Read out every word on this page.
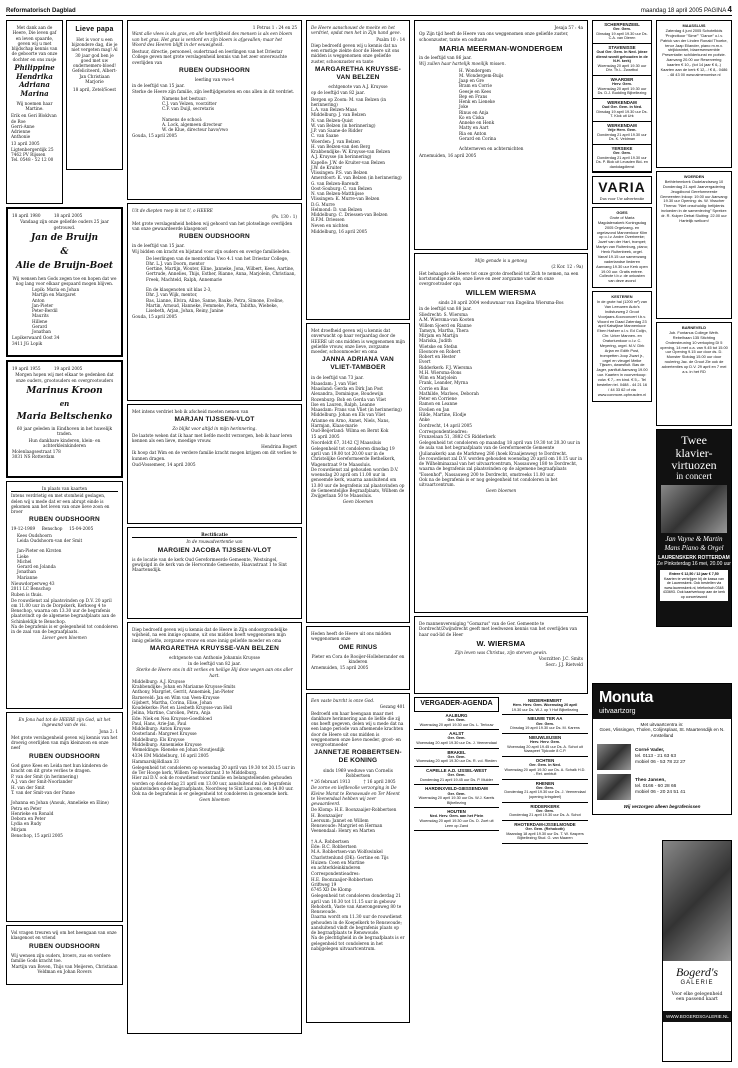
Reformatorisch Dagblad	maandag 18 april 2005 PAGINA 4

Met dank aan de Heere, Die leven gaf en leven spaarde, geven wij u met blijdschap kennis van de geboorte van onze dochter en ons zusje

Philippine
Hendrika
Adriana Marina

Wij noemen haar Martine.

Erik en Geri Bloklvan de Roe
Gerri-Anne
Adrienne
Anthonie

13 april 2005

Ligtenbergerdijk 25
7462 PV Rijssen
Tel. 0548 - 52 12 00

Lieve papa

Het is voor u een bijzondere dag, die je niet vergeten mag! Al 30 jaar god ben je goed met uw ondernemers-bloed! Gefeliciteerd, Albert-Jan Christiaan Marjorie

18 april, Zetel/Soest

18 april 1980          18 april 2005

Vandaag zijn onze geliefde ouders 25 jaar getrouwd.

Jan de Bruijn
&
Alie de Bruijn-Boet

Wij wensen hen Gods zegen toe en hopen dat we nog lang voor elkaar gespaard mogen blijven.

Lopik: Maria en Johan
Martijn en Margaret
Anton
Jan-Pieter
Peter-Berdil
Maurits
Hillene
Gerard
Jonathan

Lopikerwaard Oost 34
3411 JG Lopik

19 april 1955          19 april 2005

Morgen hopen wij met elkaar te gedenken dat onze ouders, grootouders en overgrootouders

Marinus Kroon
en
Maria Beltschenko

60 jaar geleden in Eindhoven in het huwelijk traden.

Hun dankbare kinderen, klein- en achterkleinkinderen

Molenlaagsestraat 178
3031 NS Rotterdam

In plaats van kaarten

Intens verdrietig en met stomheid geslagen, delen wij u mede dat er een abrupt einde is gekomen aan het leven van onze lieve zoon en broer

RUBEN OUDSHOORN

19-12-1989     Benschop     15-04-2005

Kees Oudshoorn
Leida Oudshoorn-van der Smit

Jan-Pieter en Kirsten
Lieke
Michel
Gerard en Jolanda
Jonathan
Marianne

Nieuwdorperweg 43
2011 LC Benschop

Ruben is thuis.
De rouwdienst zal plaatsvinden op D.V. 20 april om 11.00 uur in de Dorpskerk, Kerkweg 4 te Benschop, waarna om 13.30 uur de begrafenis plaatsvindt op de algemene begraafplaats aan de Schinkeldijk te Benschop.
Na de begrafenis is er gelegenheid tot condoleren in de zaal van de begraafplaats.

Liever geen bloemen

En Jona had tot de HEERE zijn God, uit het ingewand van de vis.

Jona 2: 1

Met grote verslagenheid geven wij kennis van het droevig overlijden van mijn kleinzoon en onze neef

RUBEN OUDSHOORN

God gave Kees en Leida met hun kinderen de kracht om dit grote verlies te dragen.

P. van der Smit (in herinnering)
A.J. van der Smit-Noorlander
H. van der Smit
T. van der Smit-van der Panne

Johanna en Johan (Anouk, Annelieke en Eline)
Petra en Peter
Henrieke en Ronald
Debora en Peter
Lydia en Rudy
Mirjam

Benschop, 15 april 2005

Vol vragen treuren wij om het heengaan van onze klasgenoot en vriend

RUBEN OUDSHOORN

Wij wensen zijn ouders, broers, zus en verdere familie Gods kracht toe.

Martijn van Boven, Thijs van Meijeren, Christiaan Veldman en Johan Rovers

1 Petrus 1 : 24 en 25

Want alle vlees is als gras, en alle heerlijkheid des mensen is als een bloem van het gras. Het gras is verdord en zijn bloem is afgevallen; maar het Woord des Heeren blijft in der eeuwigheid.

Bestuur, directie, personeel, oudertraad en leerlingen van het Driestar College geven met grote verslagenheid kennis van het zeer onverwachte overlijden van

RUBEN OUDSHOORN

leerling van vwo-4

in de leeftijd van 15 jaar.

Sterke de Heere zijn familie, zijn leeftijdgenoten en ons allen in dit verdriet.

Namens het bestuur:
C.J. van Velzen, voorzitter
C.F. van Duijl, secretaris

Namens de school:
A. Lock, algemeen directeur
W. de Klue, directeur havo/vwo

Gouda, 15 april 2005

Uit de diepten roep ik tot U, o HEERE

(Ps. 130 : 1)

Met grote verslagenheid hebben wij gehoord van het plotselinge overlijden van onze gewaardeerde klasgenoot

RUBEN OUDSHOORN

in de leeftijd van 15 jaar.

Wij bidden om kracht en bijstand voor zijn ouders en overige familieleden.

De leerlingen van de mentorklas Vwo 4.1 van het Driestar College,
Dhr. L.J. van Doorn, mentor
Gertine, Martijn, Wouter, Eline, Janneke, Jona, Wilbert, Kees, Aartine, Gertrude, Annelies, Thijs, Esther, Rianne, Anna, Marjolein, Christiaan, Freek, Machteld, Ralph, Annemarie

En de klasgenoten uit klas 2-3,
Dhr. J. van Wijk, mentor,
Bas, Lianne, Elvira, Aline, Sanne, Bauke, Petra, Simone, Eveline, Martin, Arnoud, Hanneke, Femmeke, Pieta, Tabitha, Wiebeke, Lisebeth, Arjan, Johan, Reiny, Janine

Gouda, 15 april 2005

Met intens verdriet heb ik afscheid moeten nemen van

MARJAN TIJSSEN-VLOT

Zo blijkt voor altijd in mijn herinnering.

De laatste weken dat ik haar met liefde mocht verzorgen, heb ik haar leren kennen als een lieve, moedige vrouw.

Hendrina Bogert

Ik hoop dat Wim en de verdere familie kracht mogen krijgen om dit verlies te kunnen dragen.

Oud-Vossemeer, 14 april 2005

Rectificatie

In de rouwadvertentie van

MARGIEN JACOBA TIJSSEN-VLOT

is de locatie van de kerk Oud Gereformeerde Gemeente, Westsingel, gewijzigd in de kerk van de Hervormde Gemeente, Haavastraat 1 te Sint Maartensdijk.

Diep bedroefd geven wij u kennis dat de Heere in Zijn ondoorgrondelijke wijsheid, na een innige opname, uit ons midden heeft weggenomen mijn innig geliefde, zorgzame vrouw en onze innig geliefde moeder en oma

MARGARETHA KRUYSSE-VAN BELZEN

echtgenote van Anthonie Johannis Kruysse

in de leeftijd van 82 jaar.

Sterke de Heere ons in dit verlies en heilige Hij deze wegen aan ons aller hart.

Middelburg: A.J. Kruysse
Krabbendijke: Johan en Marianne Kruysse-Smits
Anthony, Margriet, Gerrit, Annemiek, Jan-Pieter
Barneveld: Jan en Wim van Veen-Kruysse
Gijsbert, Martha, Corina, Elise, Johan
Koudekerke: Piet en Liesbeth Kruysse-van Hell
Jelina, Martine, Carolien, Petra, Anja
Ede: Niek en Nea Kruysse-Goedbloed
Paul, Hans, Arie-Jan, Paul
Middelburg: Anton Kruysse
Oosterland: Margreet Kruysse
Middelburg: Els Kruysse
Middelburg: Annemieke Kruysse
Wemeldinge: Rieneke en Johan Stoutjesdijk

4334 EM Middelburg, 16 april 2005
Hammarskjöldlaan 33

Gelegenheid tot condoleren op woensdag 20 april van 19.30 tot 20.15 uur in de Ter Hooge kerk, Willem Teelinckstraat 3 te Middelburg.
Hier zal D.V. ook de rouwdienst voor familie en belangstellenden gehouden worden op donderdag 21 april om 13.00 uur, aansluitend zal de begrafenis plaatsvinden op de begraafplaats, Noordweg te Sint Laurens, om 14.00 uur.
Ook na de begrafenis is er gelegenheid tot condoleren in genoemde kerk.

Geen bloemen

De Heere aanschouwt de moeite en het verdriet, opdat men het in Zijn hand geve.

Psalm 10 : 14

Diep bedroefd geven wij u kennis dat na een ernstige ziekte door de Heere uit ons midden is weggenomen onze geliefde zuster, schoonzuster en tante

MARGARETHA KRUYSSE-VAN BELZEN

echtgenote van A.J. Kruysse

op de leeftijd van 82 jaar.

Bergen op Zoom: M. van Belzen (in herinnering)
L.A. van Belzen-Maas
Middelburg: J. van Belzen
N. van Belzen-Quist
W. van Belzen (in herinnering)
J.P. van Saane-de Ridder
C. van Saane
Woerden: J. van Belzen
H. van Belzen-van den Berg
Krabbendijke: W. Kruysse-van Belzen
A.J. Kruysse (in herinnering)
Kapelle: J.W. de Kruiter-van Belzen
J.W. de Kruiter
Vlissingen: P.S. van Belzen
Amersfoort: K. van Belzen (in herinnering)
G. van Belzen-Barendt
Oost-Souburg: C. van Belzen
N. van Belzen-Matthijsse
Vlissingen: K. Murre-van Belzen
D.G. Murre
Helmond: D. van Belzen
Middelburg: C. Driessen-van Belzen
B.F.M. Driessen
Neven en nichten

Middelburg, 16 april 2005

Met droefheid geven wij u kennis dat onverwacht op haar verjaardag door de HEERE uit ons midden is weggenomen mijn geliefde vrouw, onze lieve, zorgzame moeder, schoonmoeder en oma

JANNA ADRIANA VAN VLIET-TAMBOER

in de leeftijd van 73 jaar.

Maasdam: J. van Vliet
Maasland: Gerda en Dirk Jan Post
Alexandra, Dominique, Boudewijn
Rozenburg: Bob en Gerda van Vliet
Ilse en Lauren, Ralph, Leanne
Maasdam: Frans van Vliet (in herinnering)
Middelburg: Johan en Els van Vliet
Arianne en Arno, Annet, Niels, Nans, Harmjan, Klaas-marie
Oud-Beijerland: Wilma en Bernt Kok

15 april 2005
Noordeldt 67, 3142 CJ Maassluis

Gelegenheid tot condoleren dinsdag 19 april van 19.00 tot 20.00 uur in de Christelijke Gereformeerde Bethelkerk, Wagenstraat 9 te Maassluis.
De rouwdienst zal gehouden worden D.V. woensdag 20 april om 11.00 uur in genoemde kerk, waarna aansluitend om 13.00 uur de begrafenis zal plaatsvinden op de Gemeentelijke Begraafplaats, Wilhem de Zwijgerlaan 50 te Maassluis.

Geen bloemen

Heden heeft de Heere uit ons midden weggenomen onze

OME RINUS

Pieter en Cora de Rooijer-Holleberander en kinderen

Arnemuiden, 15 april 2005

Een vaste burcht is onze God.

Gezang 401

Bedroefd om haar heengaan maar met dankbare herinnering aan de liefde die zij ons heeft gegeven, delen wij u mede dat na een lange periode van afnemende krachten door de Heere uit ons midden is weggenomen onze lieve moeder, groot- en overgrootmoeder

JANNETJE ROBBERTSEN-DE KONING

sinds 1969 weduwe van Cornelis Robbertsen

* 26 februari 1913          † 16 april 2005

De zorne en liefdevolle verzorging in De Kleine Marat te Renswoude en Ter Meent te Veenendaal hebben wij zeer gewaardeerd.

De Klomp: H.E. Boonzaaijer-Robbertsen
H. Boonzaaijer
Leersum: Jannet en Willem
Renswoude: Margriet en Herman
Veenendaal: Henry en Marten

† A.A. Robbertsen
Ede: B.C. Robbertsen
M.A. Robbertsen-van Wolfswinkel
Charlottenlund (DK): Gertine en Tijs
Huizen: Coen en Martine
en achterkleinkinderen

Correspondentieadres:
H.E. Boonzaaijer-Robbertsen
Griftweg 19
6745 XD De Klomp

Gelegenheid tot condoleren donderdag 21 april van 10.30 tot 11.15 uur in gebouw Rehoboth, Vaste van Amerongenweg 80 te Renswoude.
Daarna wordt om 11.30 uur de rouwdienst gehouden in de Koepelkerk te Renswoude; aansluitend vindt de begrafenis plaats op de begraafplaats te Renswoude.
Na de plechtigheid in de begraafplaats is er gelegenheid tot condoleren in het nabijgelegen uitvaartcentrum.

Jesaja 57 : 4a

Op Zijn tijd heeft de Heere van ons weggenomen onze geliefde zuster, schoonzuster, tante en oudtante

MARIA MEERMAN-WONDERGEM

in de leeftijd van 86 jaar.

Wij zullen haar hartelijk moeilijk missen.

H. Wondergem
M. Wondergem-Buijs
Jaap en Gre
Bram en Corrie
Geesje en Kees
Bep en Frans
Henk en Lieneke
Joke
Rinus en Anja
Ko en Ciska
Anneke en Henk
Matty en Aart
Ria en Anton
Gerard en Corina

Achterneven en achternichten

Arnemuiden, 16 april 2005

Mijn genade is u genoeg

(2 Kor. 12 : 9a)

Het behaagde de Heere tot onze grote droefheid tot Zich te nemen, na een kortstondige ziekte, onze lieve en zeer zorgzame vader en onze overgrootvader opa

WILLEM WIERSMA

sinds 28 april 2004 weduwnaar van Engelina Wiersma-Bos

in de leeftijd van 88 jaar.

Sliedrecht: S. Wiersma
A.M. Wiersma-van Kooten
Willem Sjoerd en Rianne
Tamsyn, Martha, Thera
Mirjam en Martijn
Mariska, Judith
Wietske en Stefan
Eleonore en Robert
Robert en Hester
Evert
Ridderkerk: F.J. Wiersma
M.H. Wiersma-Bons
Wim en Marjolein
Frank, Leander, Myrna
Corrie en Bas
Mathilde, Marloes, Deborah
Peter en Corriene
Ramon en Leanne
Evelien en Jan
Hilde, Martine, Elodje
Anke

Dordrecht, 14 april 2005
Correspondentieadres:
Frunzelaan 51, 3882 CS Ridderkerk

Gelegenheid tot condoleren op maandag 18 april van 19.30 tot 20.30 uur in de aula van het begraafplaats van de Gereformeerde Gemeente (Julianakerk) aan de Marktweg 286 (hoek Kraaijenweg) te Dordrecht.
De rouwdienst zal D.V. worden gehouden woensdag 20 april om 10.15 uur in de Wilhelminazaal van het uitvaartcentrum, Nassauweg 180 te Dordrecht, waarna de begrafenis zal plaatsvinden op de algemene begraafplaats "Essenhof", Nassauweg 200 te Dordrecht, omstreeks 11.00 uur.
Ook na de begrafenis is er nog gelegenheid tot condoleren in het uitvaartcentrum.

Geen bloemen

De mannenvereniging "Gomarus" van de Ger. Gemeente te Dordrecht/Zwijndrecht geeft met leedwezen kennis van het overlijden van haar oud-lid de Heer

W. WIERSMA

Zijn leven was Christus, zijn sterven gewin.

Voorzitter: J.C. Smits
Secr.: J.J. Rietveld

VERGADER-AGENDA
AALBURG
Ger. Gem.
Woensdag 20 april 19.30 uur Ds. L. Terlouw
AALST
Ger. Gem.
Woensdag 20 april 19.30 uur Ds. J. Veenendaal
BRAKEL
Ger. Gem.
Woensdag 20 april 19.30 uur Ds. R. v.d. Rieden
CAPELLE A.D. IJSSEL-WEST
Ger. Gem.
Donderdag 21 april 19.45 uur Ds. P. Mulder
HARDINXVELD-GIESSENDAM
Ger. Gem.
Woensdag 20 april 19.30 uur Ds. W.J. Karels Bijbellezing
HOUTEN
Ned. Herv. Gem. aan het Plein
Woensdag 20 april 19.30 uur Ds. D. Zoet uit Leen op Zand
NEDERHEMERT
Herv. Herv. Gem. Woensdag 20 april
19.30 uur Ds. W.J. op 't Hof Bijbellezing
NIEUWE TER AA
Ger. Gem.
Dinsdag 19 april 19.30 uur Ds. M. Karens
NIEUWLEUSEN
Herv. Herv. Gem.
Woensdag 20 april 19.45 uur Ds. A. Schot uit Naaspeet Tijdcode 8 C.P.
OCHTEN
Ger. Gem. in Ned.
Woensdag 20 april 19.30 uur Ds. A. Schalk H.D. - Ret. ambtuit
RHENEN
Ger. Gem.
Donderdag 21 april 19.30 uur Ds. J. Veenendaal (opening kringdeel)
RIDDERKERK
Ger. Gem.
Donderdag 21 april 19.30 uur Ds. A. Schot
RHOTERDAM-IJSSELMONDE
Ger. Gem. (Rehoboth)
Maandag 18 april 19.30 uur Ds. T. W. Kaspers Bijbellezing Stud. G. van Maaren
SCHERPENZEEL
Ger. Gem.
Dinsdag 19 april 19.30 uur Ds. C.A. van Dieren
STAVENISSE
Oud Ger. Gem. in Ned. (deze dienst wordt gehouden in de N.H. kerk)
Woensdag 20 april 19.30 uur Dhr. Th.L. Zwartbol
WAARDER
Herv. Gem.
Woensdag 20 april 19.30 uur Ds. D.J. Budding Bijbellezing
WERKENDAM
Oud Ger. Gem. in Ned.
Dinsdag 19 april 19.30 uur Ds. T. Klok uit Urk
WERKENDAM
Vrije Herv. Gem.
Donderdag 21 april 19.30 uur Ds. K. Veldman
YERSEKE
Ger. Gem.
Donderdag 21 april 19.30 uur Ds. P. Blok uit Leusden Bid- en dankdagdienst
VARIA
Dus voor Uw advertentie
GOES

Grote of Maria Magdalenakerk Koningsdag 2005 Orgelzang- en orgelavond Mannenkoor Klim op o.l.v. Andre Overbeeke; Jozef van der Hart, trompet; Marlyn van Ruitenburg, piano; Henk Ruitenbeek, orgel. Vanaf 19.15 uur samenzang vaderlandse liederen Aanvang 19.30 uur Kerk open 19.00 uur. Gratis entree. Collecte t.b.v. de onkosten van deze avond

KESTEREN

In de grote hal (1200 m²) van Van Leeuwen Auto's Indisturweg 2 Groot Voorjaars-Koorconcert t.b.v. Woord en Daad Zaterdag 23 april Katwijkse Mannenkoor Eben Haëzer o.l.v. Ed Colijn, Chr. Urker Mannen- en Oratoriumkoor o.l.v. C. Meyering, orgel. M.V. Dirk Arjan en Edith Post, trompetten Joop Zwart jr., orgel en vleugel Meike Tijssen, dwarsfluit. Bas de Jager, panfluit Aanvang 19.00 uur. Kaarten in voorverkoop: volw. € 7,- en kind. € 5,-. Tel bestellen tel. 0488 - 44 21 16 / 44 33 62 of via www.conmore-ophrusden.nl

MAASSLUIS

Zaterdag 4 juni 2005 Schotelkids 'Projectkoor "Sime"' "Dance" o.l.v. Patrick van der Linden Ronald Thoeke, tenor Jaap Eilander, piano m.m.v. strijkkwintet, blazersensemble Presentatie: schilderkunst en poëzie. Aanvang 20.00 uur Reservering kaarten € 10,- (tot 14 jaar € 6,-) Kaarten aan de kerk € 12,- / € 8,- 0486 - 48 43 00 www.aimenomise.nl

WOERDEN

Bethlehemkerk Oudelandsewg 10 Donderdag 21 april Jaarvergadering Jeugdbond Gereformeerde Gemeenten Inloop: 19.00 uur Aanvang: 19.30 uur Opening: ds. W. Visscher Thema: "Niet onschuldig: belijdenis invloeden in de samenleving" Spreker: dr. R. Kuiper Debat Sluiting: 22.00 uur Hartelijk welkom!

BARNEVELD

Jub. Fontanus College Weth. Rebelhaan 135 Stichting Ondersteuning 10 verkoping Di 5 opening, 14 met o.a. van 9.45 tot 15.00 uur Opening 9.15 uur door ds. D. Monster Slotdag 15.00 uur door roulering Jac. de Groot Zie ook de advertenties op D.V. 29 april en 7 mei a.s. in het RD

Twee
klavier-
virtuozen
in concert
Jan Vayne & Martin Mans Piano & Orgel
LAURENSKERK ROTTERDAM
Ze Pinksterdag 16 mei, 20.00 uur

Entree € 12,50 / 12 jaar € 7,50

Kaarten te verkrijgen bij de kassa van de Laurenskerk. Ook bestellen via www.laurenskerk.nl, telefonisch 0348 433693. Ook kaartverkoop aan de kerk op concertavond

Monuta
uitvaartzorg

Met uitvaartcentra in:

Goes, Vlissingen, Tholen, Colijnsplaat, St. Maartensdijk en N. Amstelland

Corné Vader,
tel. 0113 - 21 63 63
mobiel 06 - 53 78 22 27
Theo Jansen,
tel. 0166 - 60 28 66
mobiel 06 - 20 24 51 41
Wij verzorgen alleen begrafenissen
Bogerd's
GALERIE
Voor elke gelegenheid een passend kaart
WWW.BOGERDSGALERIE.NL
